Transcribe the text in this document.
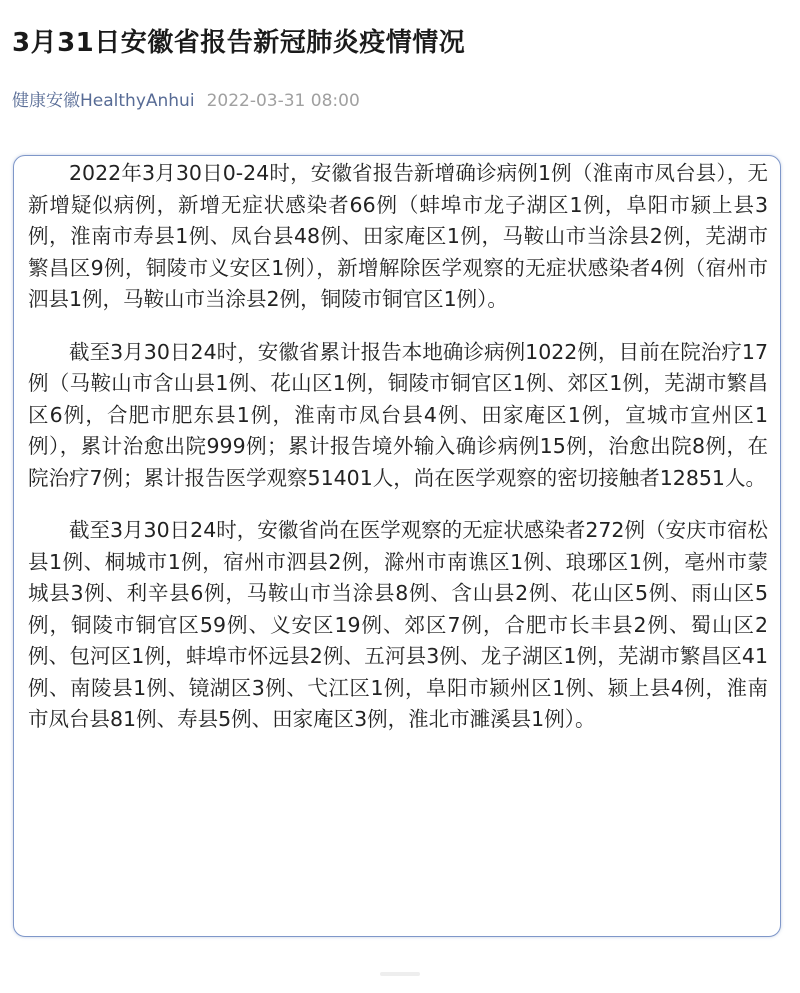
3月31日安徽省报告新冠肺炎疫情情况
健康安徽HealthyAnhui 2022-03-31 08:00

2022年3月30日0-24时，安徽省报告新增确诊病例1例（淮南市凤台县），无新增疑似病例，新增无症状感染者66例（蚌埠市龙子湖区1例，阜阳市颍上县3例，淮南市寿县1例、凤台县48例、田家庵区1例，马鞍山市当涂县2例，芜湖市繁昌区9例，铜陵市义安区1例），新增解除医学观察的无症状感染者4例（宿州市泗县1例，马鞍山市当涂县2例，铜陵市铜官区1例）。

截至3月30日24时，安徽省累计报告本地确诊病例1022例，目前在院治疗17例（马鞍山市含山县1例、花山区1例，铜陵市铜官区1例、郊区1例，芜湖市繁昌区6例，合肥市肥东县1例，淮南市凤台县4例、田家庵区1例，宣城市宣州区1例），累计治愈出院999例；累计报告境外输入确诊病例15例，治愈出院8例，在院治疗7例；累计报告医学观察51401人，尚在医学观察的密切接触者12851人。

截至3月30日24时，安徽省尚在医学观察的无症状感染者272例（安庆市宿松县1例、桐城市1例，宿州市泗县2例，滁州市南谯区1例、琅琊区1例，亳州市蒙城县3例、利辛县6例，马鞍山市当涂县8例、含山县2例、花山区5例、雨山区5例，铜陵市铜官区59例、义安区19例、郊区7例，合肥市长丰县2例、蜀山区2例、包河区1例，蚌埠市怀远县2例、五河县3例、龙子湖区1例，芜湖市繁昌区41例、南陵县1例、镜湖区3例、弋江区1例，阜阳市颍州区1例、颍上县4例，淮南市凤台县81例、寿县5例、田家庵区3例，淮北市濉溪县1例）。
